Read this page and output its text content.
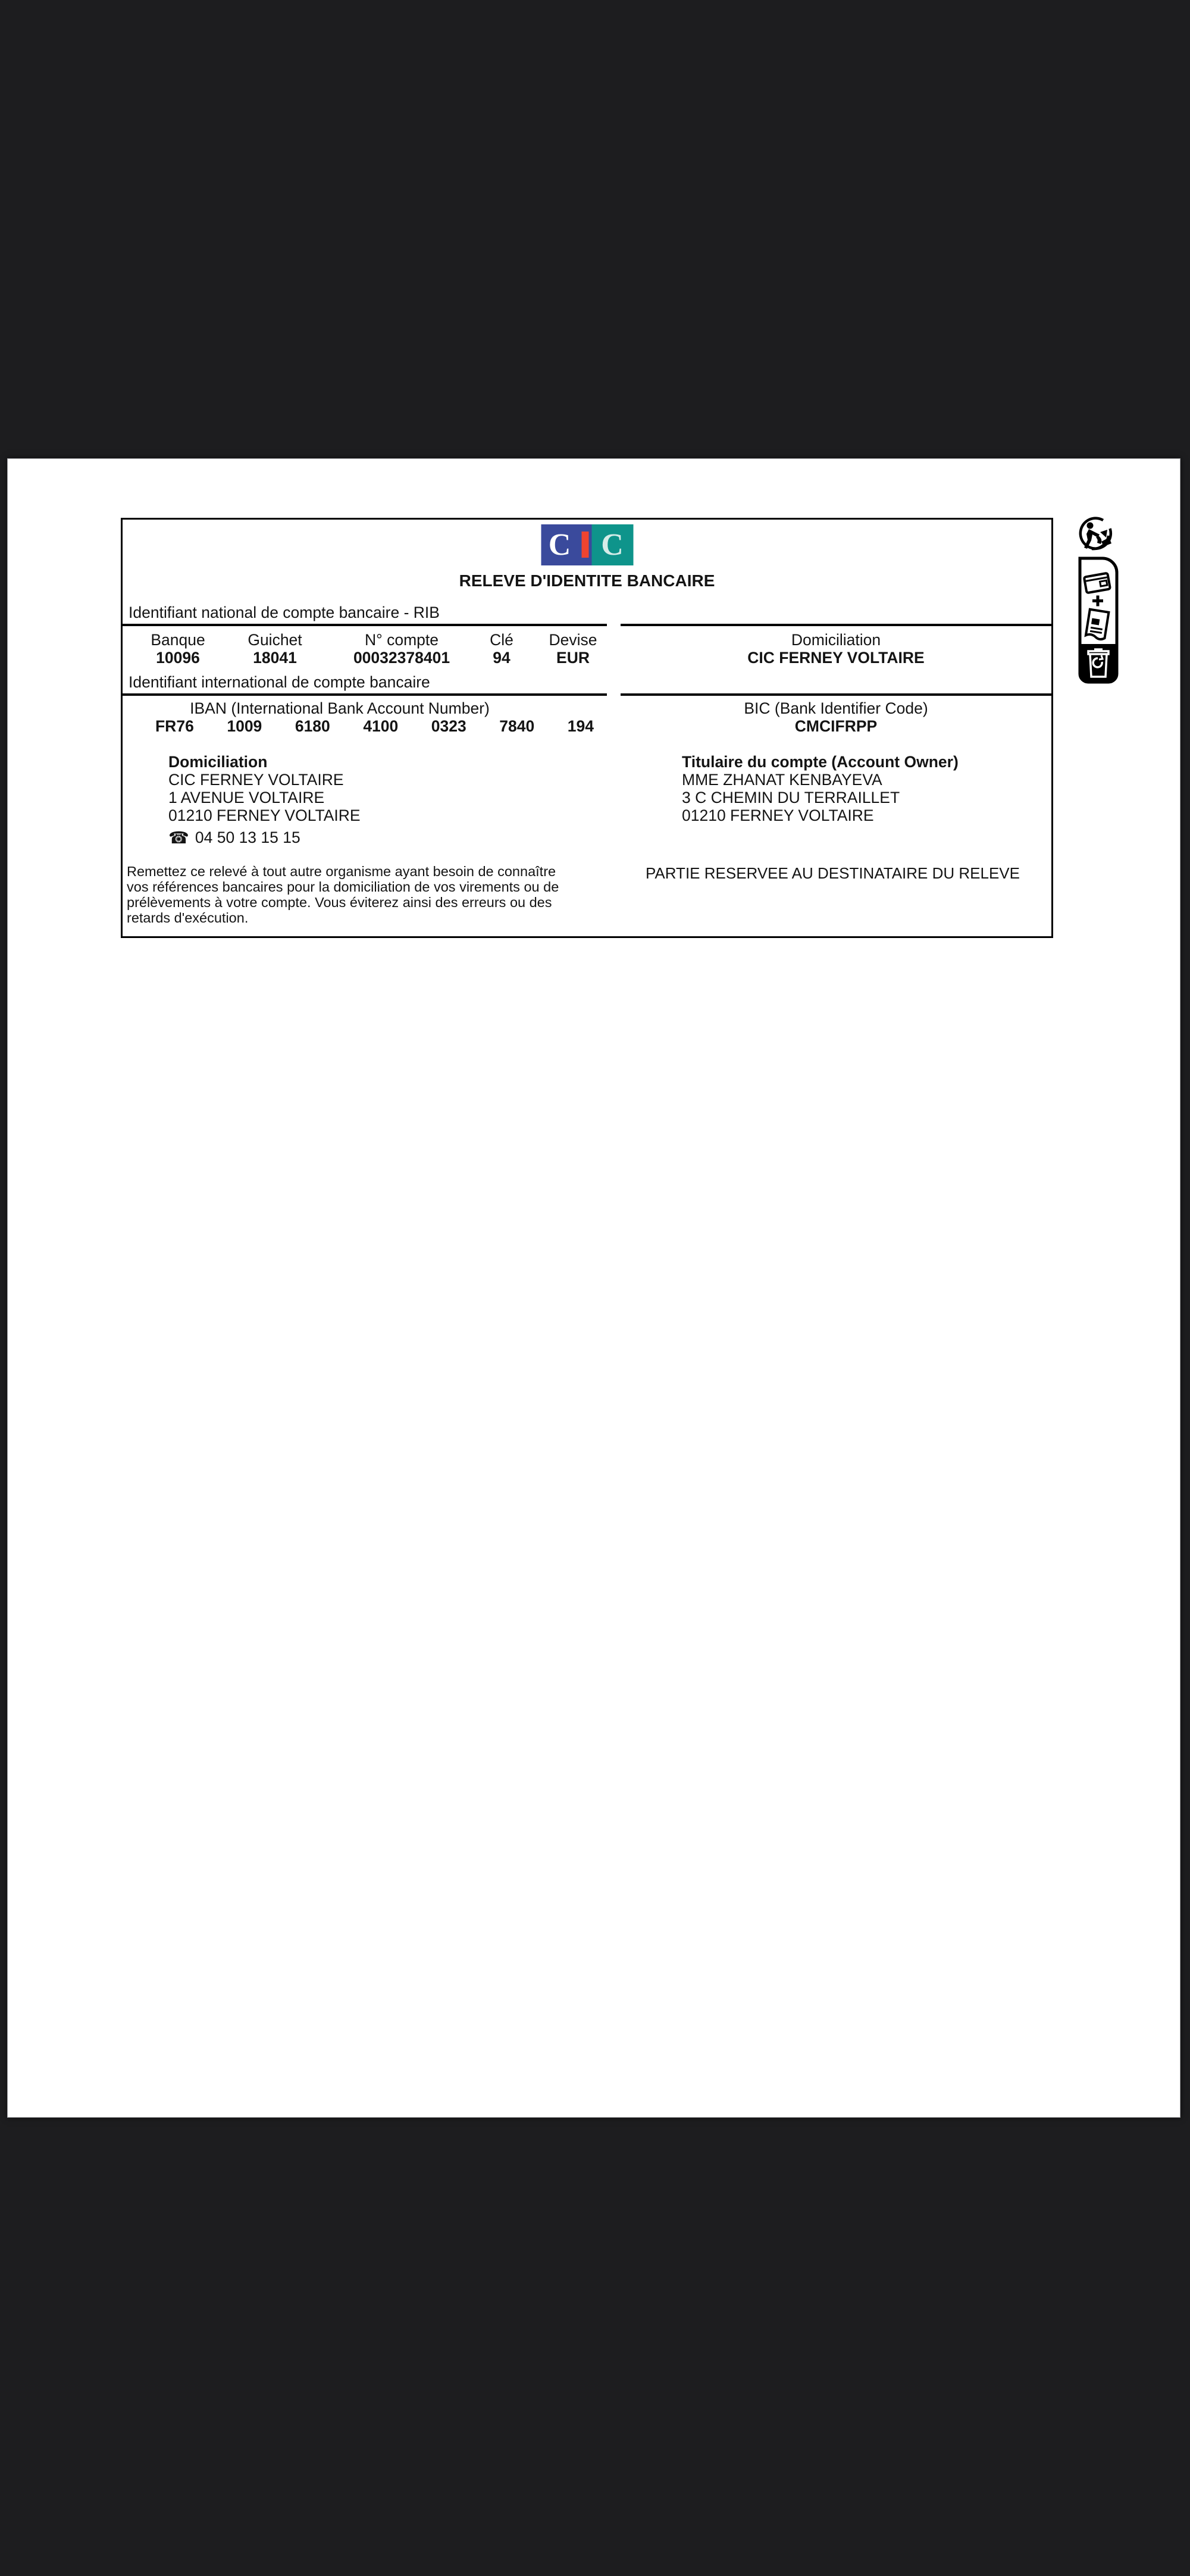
C C
RELEVE D'IDENTITE BANCAIRE
Identifiant national de compte bancaire - RIB
Banque
10096
Guichet
18041
N° compte
00032378401
Clé
94
Devise
EUR
Domiciliation
CIC FERNEY VOLTAIRE
Identifiant international de compte bancaire
IBAN (International Bank Account Number)
FR76 1009 6180 4100 0323 7840 194
BIC (Bank Identifier Code)
CMCIFRPP
Domiciliation
CIC FERNEY VOLTAIRE
1 AVENUE VOLTAIRE
01210 FERNEY VOLTAIRE
☎ 04 50 13 15 15
Titulaire du compte (Account Owner)
MME ZHANAT KENBAYEVA
3 C CHEMIN DU TERRAILLET
01210 FERNEY VOLTAIRE
Remettez ce relevé à tout autre organisme ayant besoin de connaître
vos références bancaires pour la domiciliation de vos virements ou de
prélèvements à votre compte. Vous éviterez ainsi des erreurs ou des
retards d'exécution.
PARTIE RESERVEE AU DESTINATAIRE DU RELEVE
